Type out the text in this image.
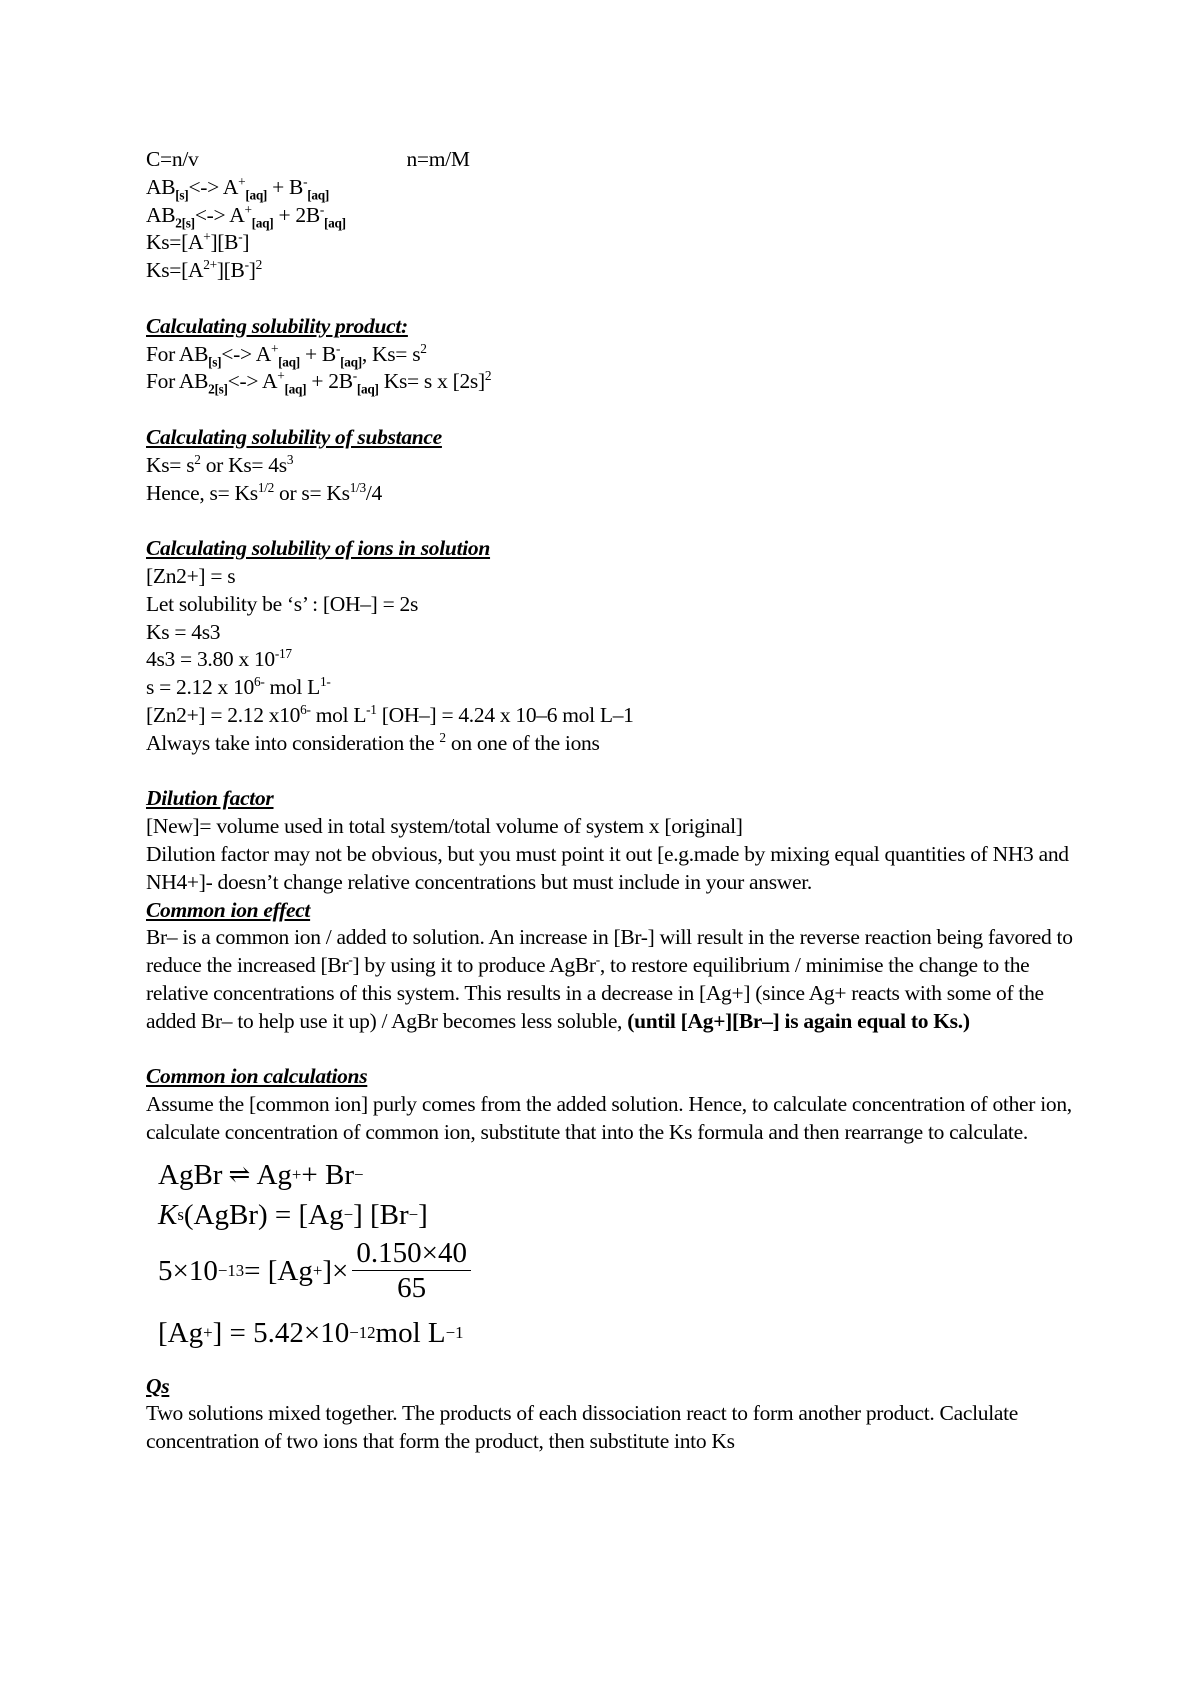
C=n/v	n=m/M
$AB_{[s]}<-> A^+_{[aq]} + B^-_{[aq]}$
$AB_{2[s]}<-> A^+_{[aq]} + 2B^-_{[aq]}$
Ks=[A+][B-]
$Ks=[A^{2+}][B^-]^2$
Calculating solubility product:
For $AB_{[s]}<-> A^+_{[aq]} + B^-_{[aq]}$, $Ks= s^2$
For $AB_{2[s]}<-> A^+_{[aq]} + 2B^-_{[aq]}$ Ks= s x $[2s]^2$
Calculating solubility of substance
$Ks= s^2$ or $Ks= 4s^3$
Hence, $s= Ks^{1/2}$ or $s= Ks^{1/3}/4$
Calculating solubility of ions in solution
[Zn2+] = s
Let solubility be ‘s’ : [OH–] = 2s
Ks = 4s3
4s3 = 3.80 x $10^{-17}$
s = 2.12 x $10^{6-}$ mol $L^{1-}$
[Zn2+] = 2.12 $x10^{6-}$ mol $L^{-1}$ [OH–] = 4.24 x 10–6 mol L–1
Always take into consideration the $^2$ on one of the ions
Dilution factor
[New]= volume used in total system/total volume of system x [original]
Dilution factor may not be obvious, but you must point it out [e.g.made by mixing equal quantities of NH3 and NH4+]- doesn’t change relative concentrations but must include in your answer.
Common ion effect
Br– is a common ion / added to solution. An increase in [Br-] will result in the reverse reaction being favored to reduce the increased [Br-] by using it to produce AgBr-, to restore equilibrium / minimise the change to the relative concentrations of this system. This results in a decrease in [Ag+] (since Ag+ reacts with some of the added Br– to help use it up) / AgBr becomes less soluble, (until [Ag+][Br–] is again equal to Ks.)
Common ion calculations
Assume the [common ion] purly comes from the added solution. Hence, to calculate concentration of other ion, calculate concentration of common ion, substitute that into the Ks formula and then rearrange to calculate.
AgBr ⇌ Ag + + Br −
K s (AgBr) = [Ag − ] [Br − ]
5×10 −13 = [Ag + ]× $\frac{0.150\times 40}{65}$
[Ag + ] = 5.42×10 −12 mol L −1
Qs
Two solutions mixed together. The products of each dissociation react to form another product. Caclulate concentration of two ions that form the product, then substitute into Ks
